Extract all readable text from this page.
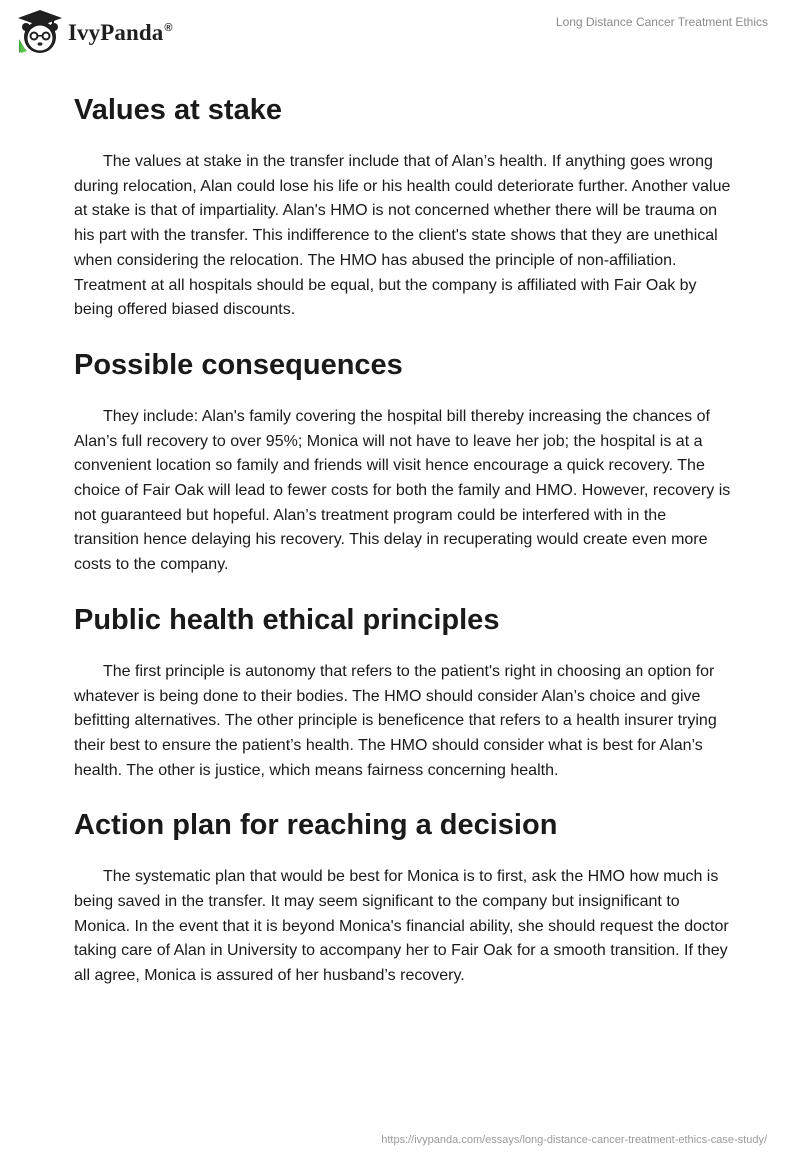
IvyPanda®	Long Distance Cancer Treatment Ethics
Values at stake

The values at stake in the transfer include that of Alan’s health. If anything goes wrong during relocation, Alan could lose his life or his health could deteriorate further. Another value at stake is that of impartiality. Alan's HMO is not concerned whether there will be trauma on his part with the transfer. This indifference to the client's state shows that they are unethical when considering the relocation. The HMO has abused the principle of non-affiliation. Treatment at all hospitals should be equal, but the company is affiliated with Fair Oak by being offered biased discounts.

Possible consequences

They include: Alan's family covering the hospital bill thereby increasing the chances of Alan’s full recovery to over 95%; Monica will not have to leave her job; the hospital is at a convenient location so family and friends will visit hence encourage a quick recovery. The choice of Fair Oak will lead to fewer costs for both the family and HMO. However, recovery is not guaranteed but hopeful. Alan’s treatment program could be interfered with in the transition hence delaying his recovery. This delay in recuperating would create even more costs to the company.

Public health ethical principles

The first principle is autonomy that refers to the patient's right in choosing an option for whatever is being done to their bodies. The HMO should consider Alan’s choice and give befitting alternatives. The other principle is beneficence that refers to a health insurer trying their best to ensure the patient’s health. The HMO should consider what is best for Alan’s health. The other is justice, which means fairness concerning health.

Action plan for reaching a decision

The systematic plan that would be best for Monica is to first, ask the HMO how much is being saved in the transfer. It may seem significant to the company but insignificant to Monica. In the event that it is beyond Monica's financial ability, she should request the doctor taking care of Alan in University to accompany her to Fair Oak for a smooth transition. If they all agree, Monica is assured of her husband’s recovery.

https://ivypanda.com/essays/long-distance-cancer-treatment-ethics-case-study/
